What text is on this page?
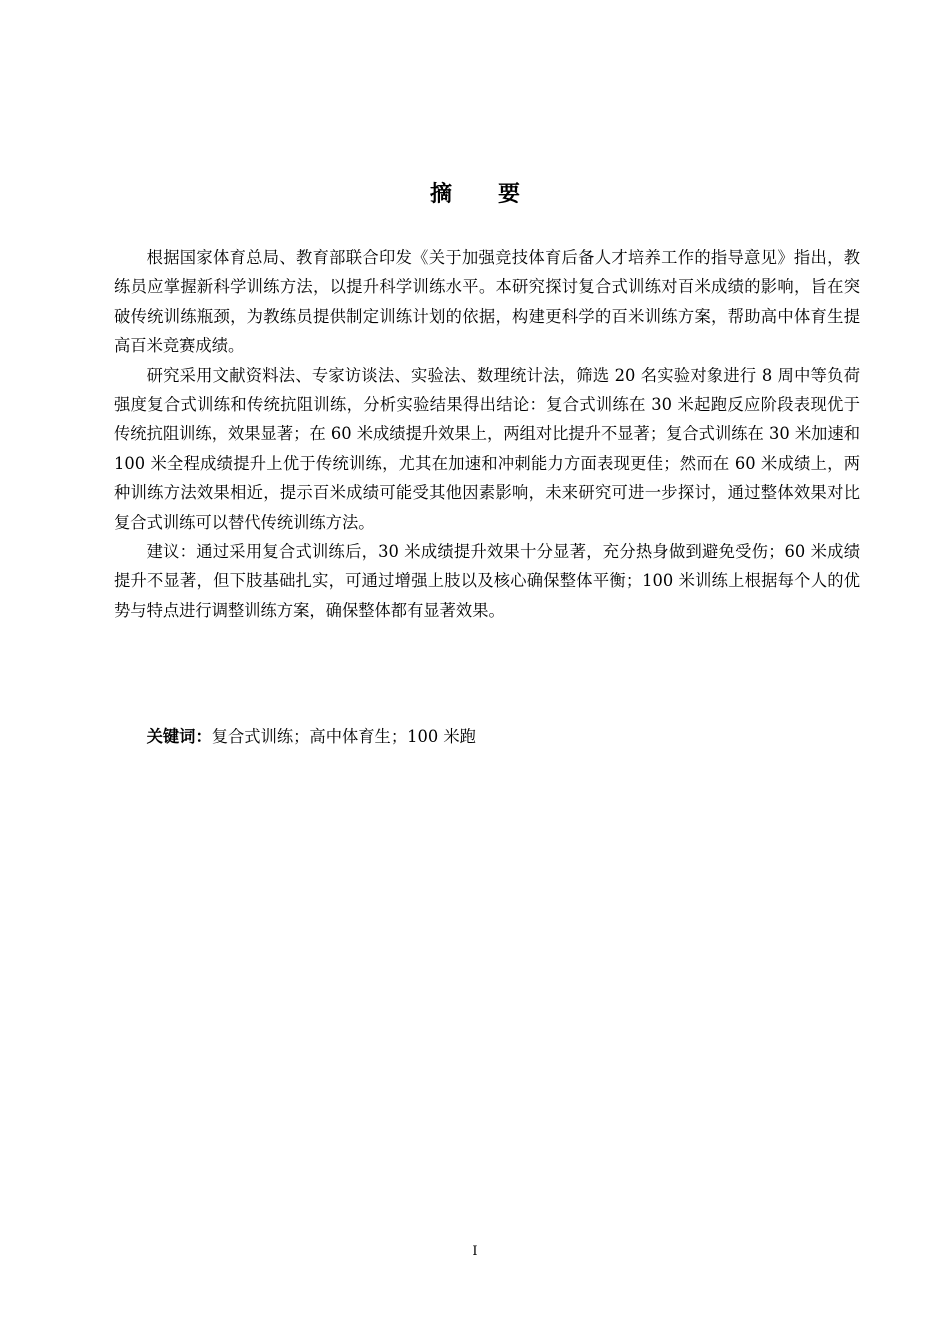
摘要

根据国家体育总局、教育部联合印发《关于加强竞技体育后备人才培养工作的指导意见》指出，教练员应掌握新科学训练方法，以提升科学训练水平。本研究探讨复合式训练对百米成绩的影响，旨在突破传统训练瓶颈，为教练员提供制定训练计划的依据，构建更科学的百米训练方案，帮助高中体育生提高百米竞赛成绩。

研究采用文献资料法、专家访谈法、实验法、数理统计法，筛选 20 名实验对象进行 8 周中等负荷强度复合式训练和传统抗阻训练，分析实验结果得出结论：复合式训练在 30 米起跑反应阶段表现优于传统抗阻训练，效果显著；在 60 米成绩提升效果上，两组对比提升不显著；复合式训练在 30 米加速和 100 米全程成绩提升上优于传统训练，尤其在加速和冲刺能力方面表现更佳；然而在 60 米成绩上，两种训练方法效果相近，提示百米成绩可能受其他因素影响，未来研究可进一步探讨，通过整体效果对比复合式训练可以替代传统训练方法。

建议：通过采用复合式训练后，30 米成绩提升效果十分显著，充分热身做到避免受伤；60 米成绩提升不显著，但下肢基础扎实，可通过增强上肢以及核心确保整体平衡；100 米训练上根据每个人的优势与特点进行调整训练方案，确保整体都有显著效果。

关键词：复合式训练；高中体育生；100 米跑
I
